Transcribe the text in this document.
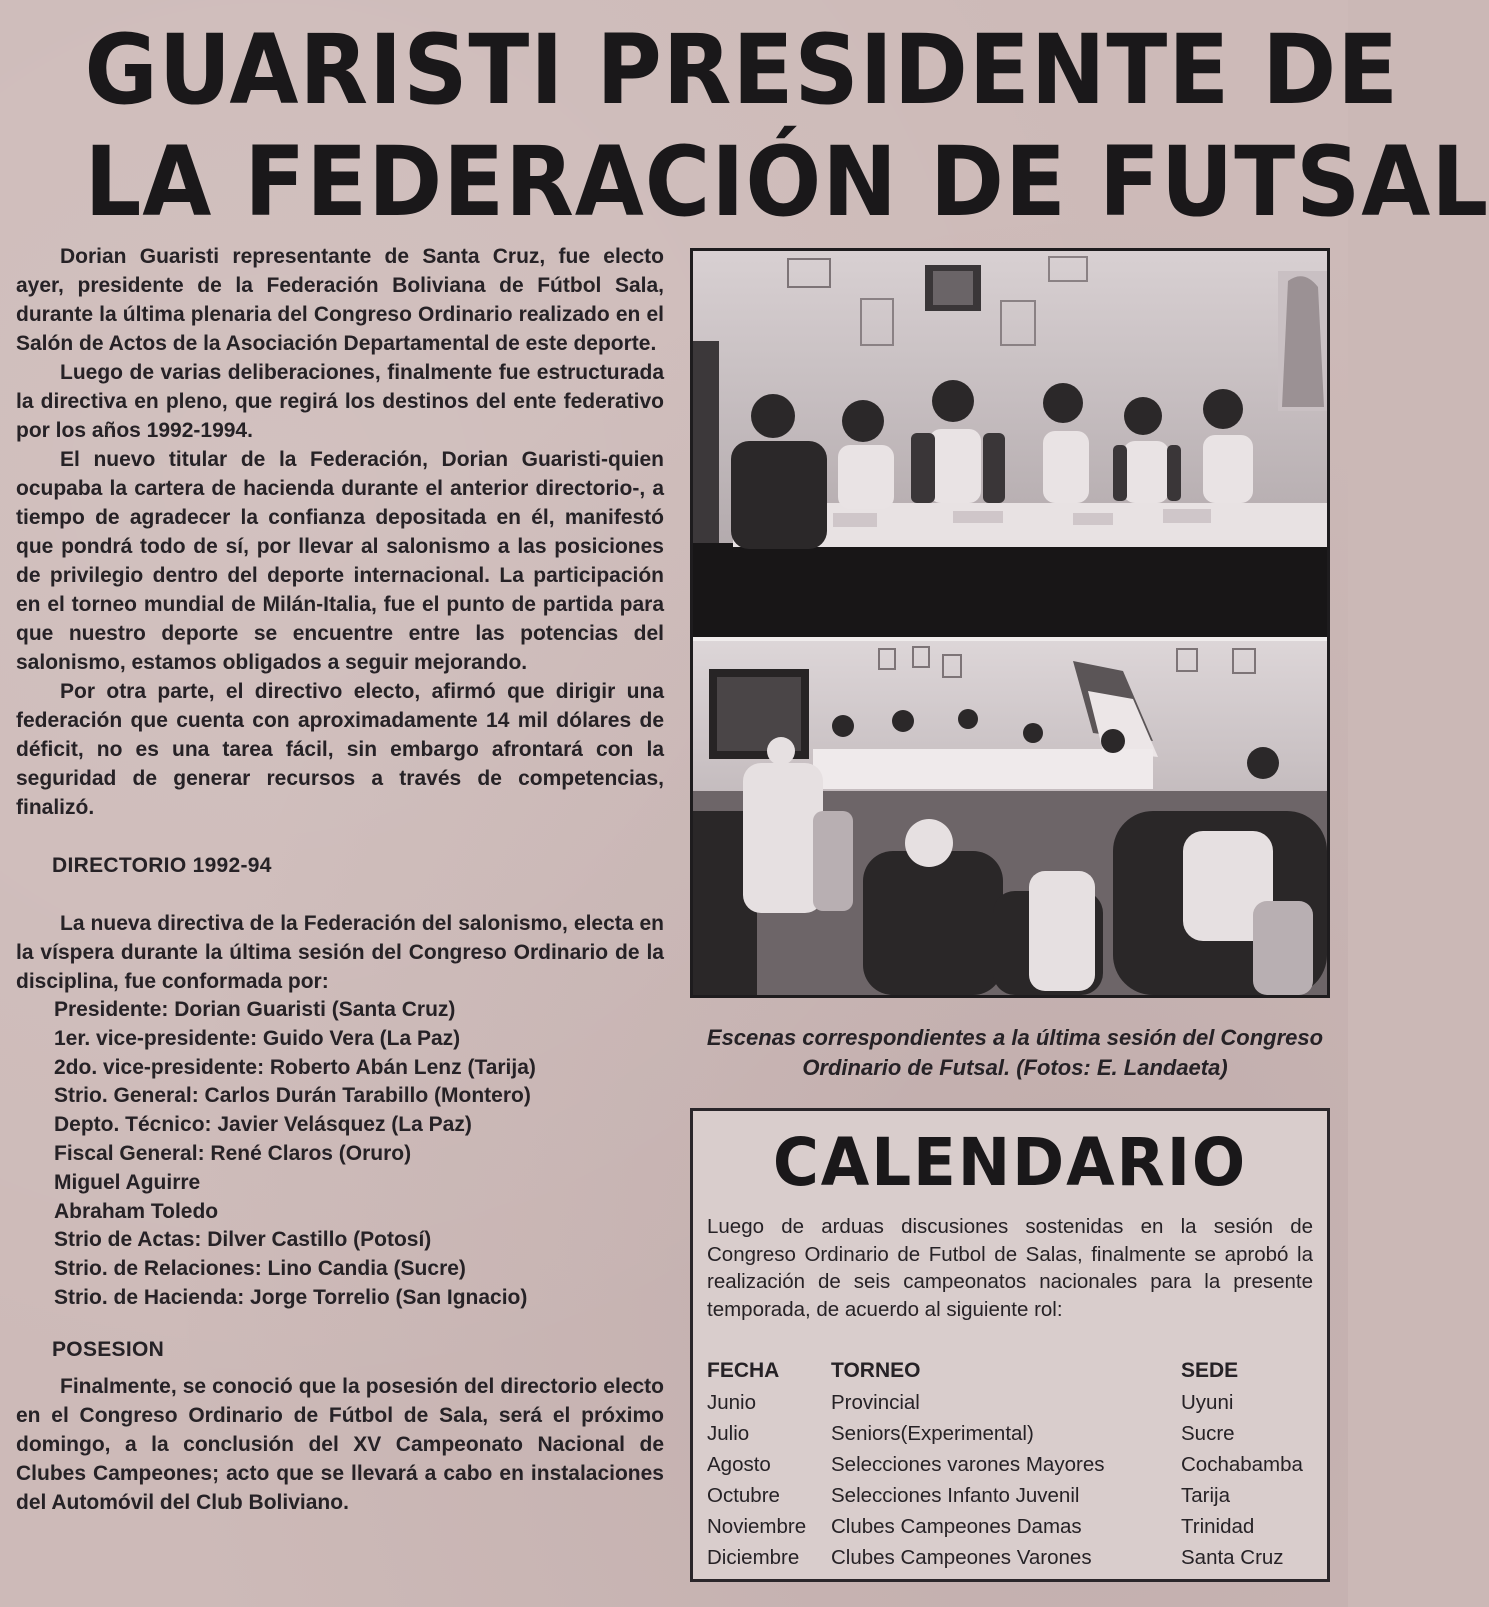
GUARISTI PRESIDENTE DE
LA FEDERACIÓN DE FUTSAL

Dorian Guaristi representante de Santa Cruz, fue electo ayer, presidente de la Federación Boliviana de Fútbol Sala, durante la última plenaria del Congreso Ordinario realizado en el Salón de Actos de la Asociación Departamental de este deporte.

Luego de varias deliberaciones, finalmente fue estructurada la directiva en pleno, que regirá los destinos del ente federativo por los años 1992-1994.

El nuevo titular de la Federación, Dorian Guaristi-quien ocupaba la cartera de hacienda durante el anterior directorio-, a tiempo de agradecer la confianza depositada en él, manifestó que pondrá todo de sí, por llevar al salonismo a las posiciones de privilegio dentro del deporte internacional. La participación en el torneo mundial de Milán-Italia, fue el punto de partida para que nuestro deporte se encuentre entre las potencias del salonismo, estamos obligados a seguir mejorando.

Por otra parte, el directivo electo, afirmó que dirigir una federación que cuenta con aproximadamente 14 mil dólares de déficit, no es una tarea fácil, sin embargo afrontará con la seguridad de generar recursos a través de competencias, finalizó.

DIRECTORIO 1992-94

La nueva directiva de la Federación del salonismo, electa en la víspera durante la última sesión del Congreso Ordinario de la disciplina, fue conformada por:

Presidente: Dorian Guaristi (Santa Cruz)
1er. vice-presidente: Guido Vera (La Paz)
2do. vice-presidente: Roberto Abán Lenz (Tarija)
Strio. General: Carlos Durán Tarabillo (Montero)
Depto. Técnico: Javier Velásquez (La Paz)
Fiscal General: René Claros (Oruro)
Miguel Aguirre
Abraham Toledo
Strio de Actas: Dilver Castillo (Potosí)
Strio. de Relaciones: Lino Candia (Sucre)
Strio. de Hacienda: Jorge Torrelio (San Ignacio)
POSESION

Finalmente, se conoció que la posesión del directorio electo en el Congreso Ordinario de Fútbol de Sala, será el próximo domingo, a la conclusión del XV Campeonato Nacional de Clubes Campeones; acto que se llevará a cabo en instalaciones del Automóvil del Club Boliviano.

Escenas correspondientes a la última sesión del Congreso Ordinario de Futsal. (Fotos: E. Landaeta)

CALENDARIO

Luego de arduas discusiones sostenidas en la sesión de Congreso Ordinario de Futbol de Salas, finalmente se aprobó la realización de seis campeonatos nacionales para la presente temporada, de acuerdo al siguiente rol:

FECHA	TORNEO	SEDE
Junio	Provincial	Uyuni
Julio	Seniors(Experimental)	Sucre
Agosto	Selecciones varones Mayores	Cochabamba
Octubre	Selecciones Infanto Juvenil	Tarija
Noviembre	Clubes Campeones Damas	Trinidad
Diciembre	Clubes Campeones Varones	Santa Cruz
